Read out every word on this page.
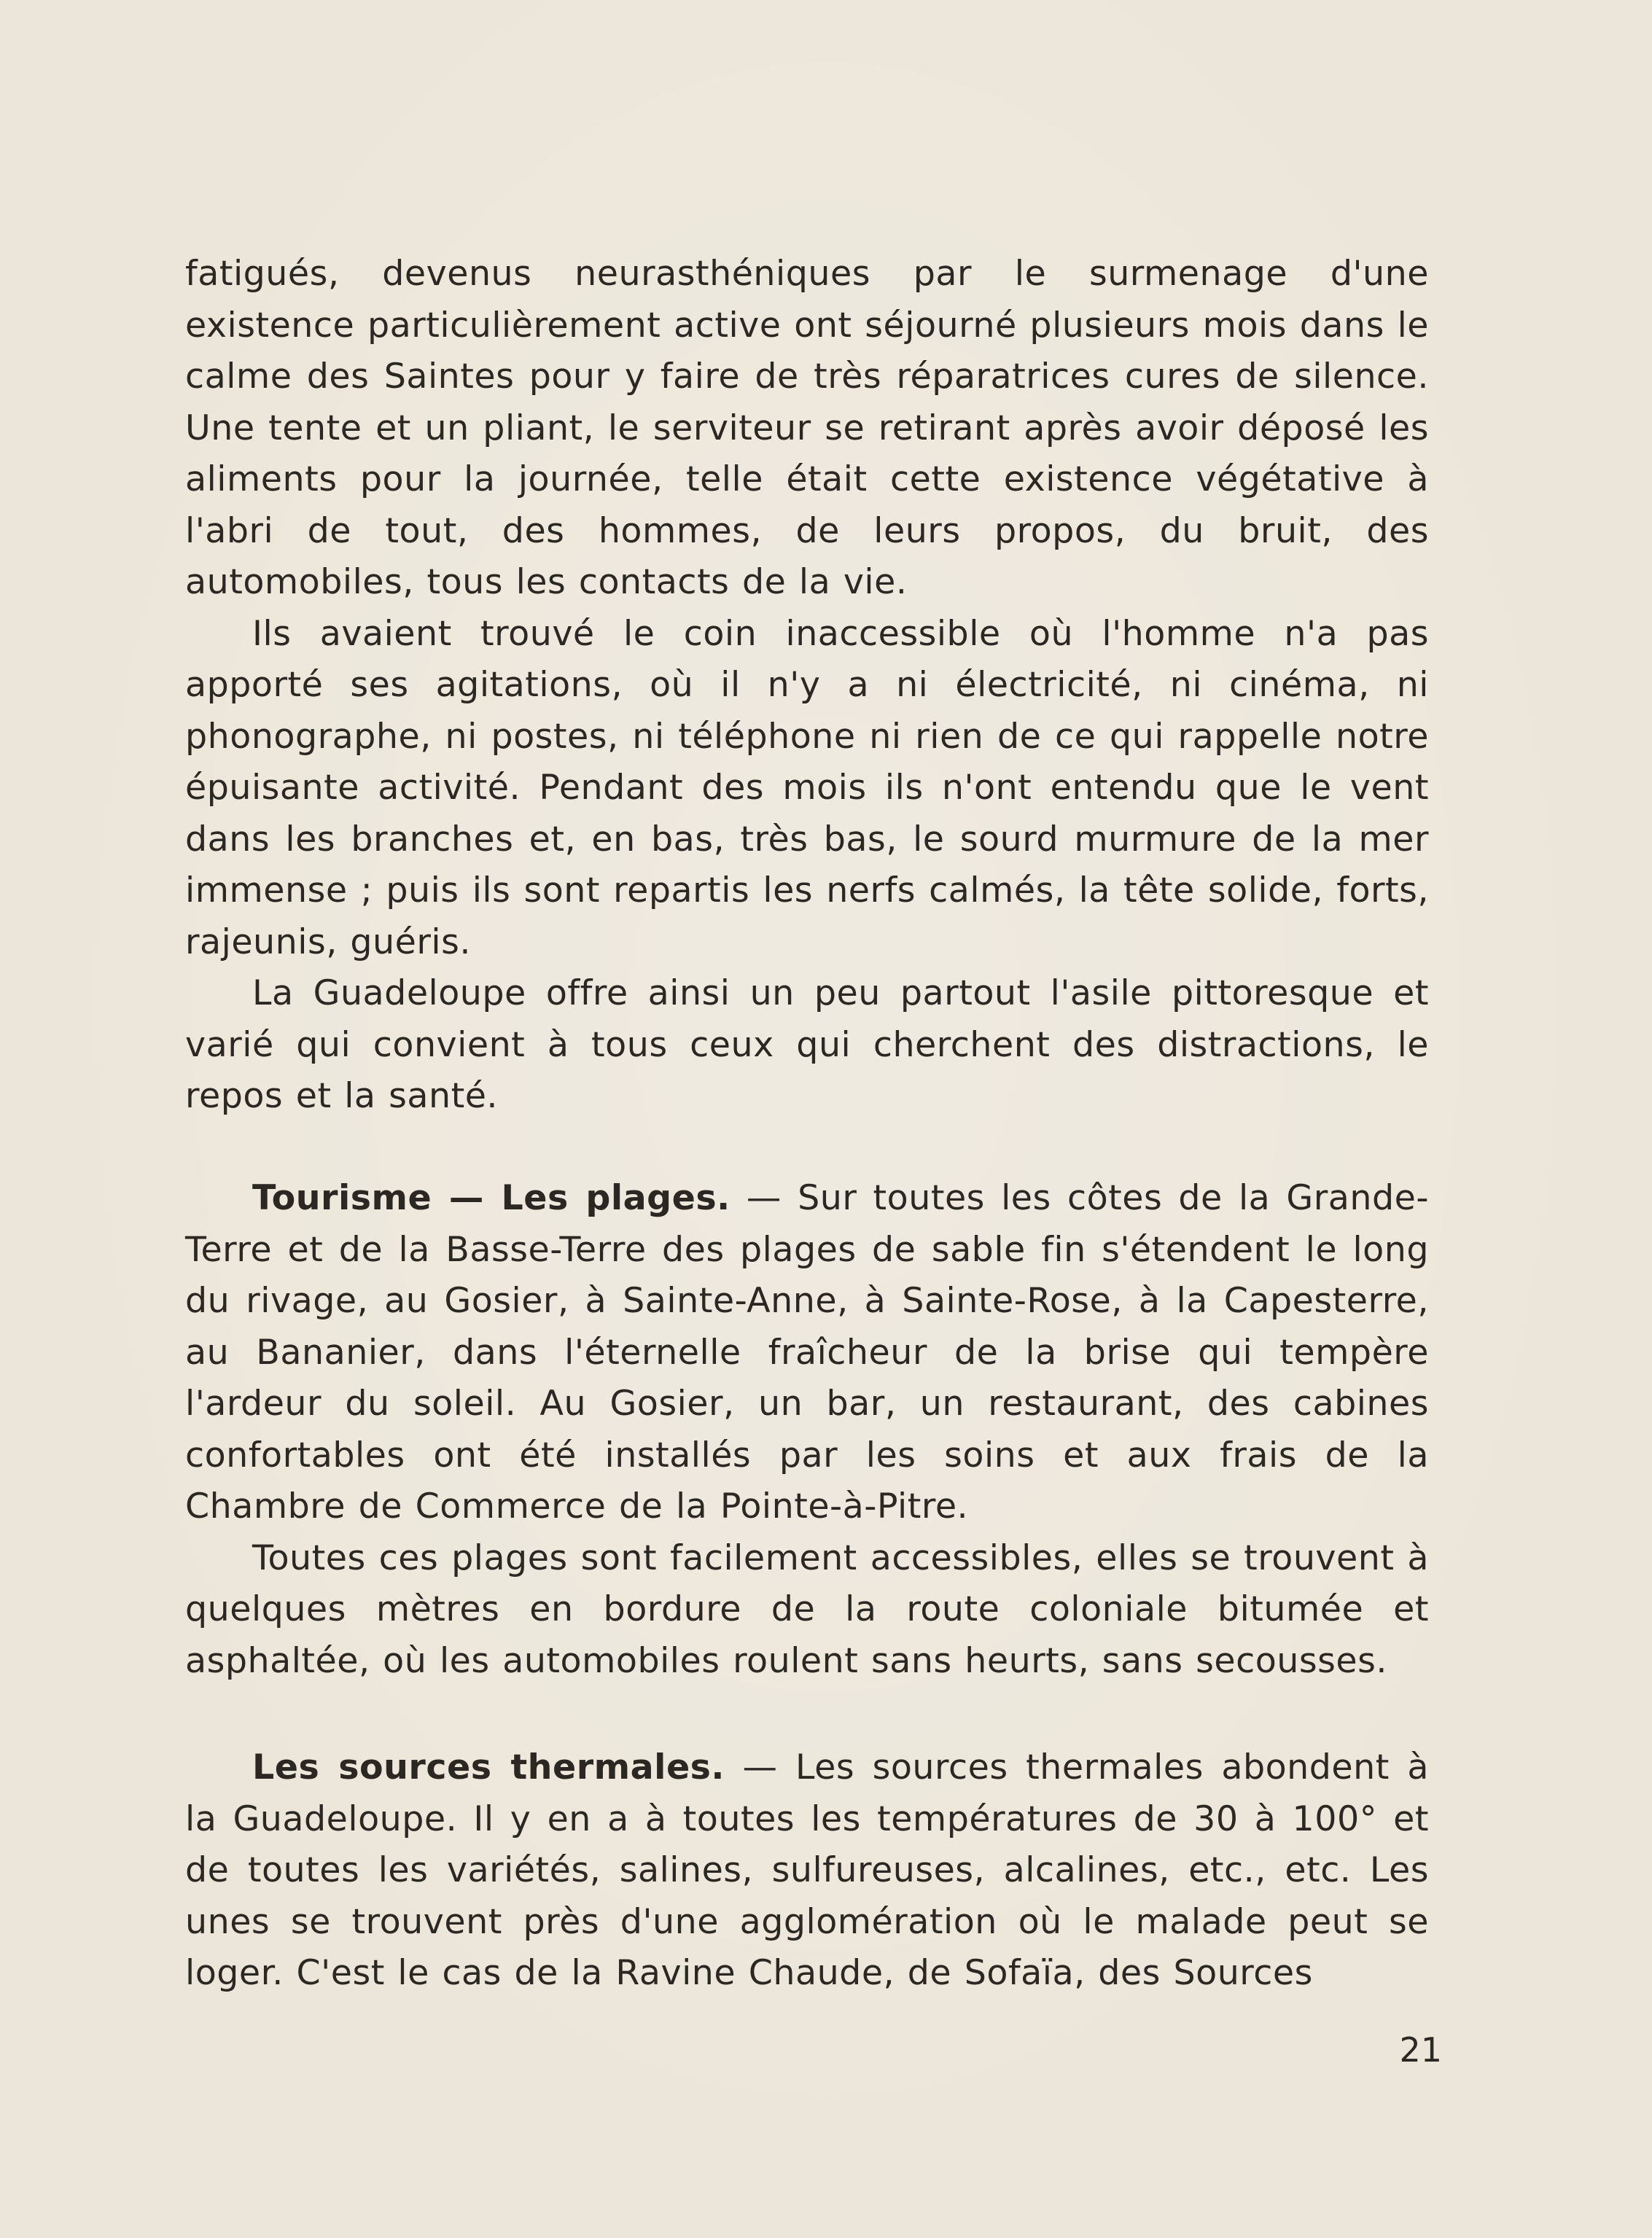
fatigués, devenus neurasthéniques par le surmenage d'une existence particulièrement active ont séjourné plusieurs mois dans le calme des Saintes pour y faire de très réparatrices cures de silence. Une tente et un pliant, le serviteur se retirant après avoir déposé les aliments pour la journée, telle était cette existence végétative à l'abri de tout, des hommes, de leurs propos, du bruit, des automobiles, tous les contacts de la vie.

Ils avaient trouvé le coin inaccessible où l'homme n'a pas apporté ses agitations, où il n'y a ni électricité, ni cinéma, ni phonographe, ni postes, ni téléphone ni rien de ce qui rappelle notre épuisante activité. Pendant des mois ils n'ont entendu que le vent dans les branches et, en bas, très bas, le sourd murmure de la mer immense ; puis ils sont repartis les nerfs calmés, la tête solide, forts, rajeunis, guéris.

La Guadeloupe offre ainsi un peu partout l'asile pittoresque et varié qui convient à tous ceux qui cherchent des distractions, le repos et la santé.

Tourisme — Les plages. — Sur toutes les côtes de la Grande-Terre et de la Basse-Terre des plages de sable fin s'étendent le long du rivage, au Gosier, à Sainte-Anne, à Sainte-Rose, à la Capesterre, au Bananier, dans l'éternelle fraîcheur de la brise qui tempère l'ardeur du soleil. Au Gosier, un bar, un restaurant, des cabines confortables ont été installés par les soins et aux frais de la Chambre de Commerce de la Pointe-à-Pitre.

Toutes ces plages sont facilement accessibles, elles se trouvent à quelques mètres en bordure de la route coloniale bitumée et asphaltée, où les automobiles roulent sans heurts, sans secousses.

Les sources thermales. — Les sources thermales abondent à la Guadeloupe. Il y en a à toutes les températures de 30 à 100° et de toutes les variétés, salines, sulfureuses, alcalines, etc., etc. Les unes se trouvent près d'une agglomération où le malade peut se loger. C'est le cas de la Ravine Chaude, de Sofaïa, des Sources

21
